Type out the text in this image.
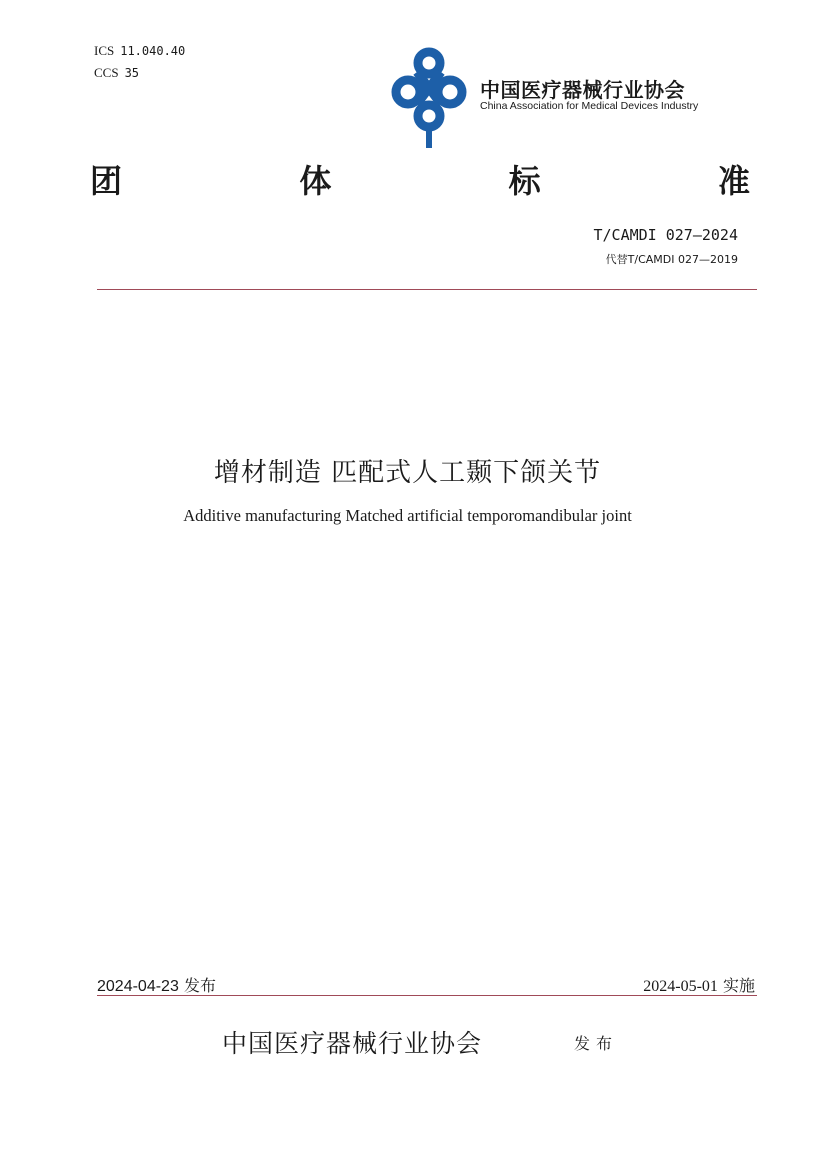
ICS 11.040.40
CCS 35
中国医疗器械行业协会
China Association for Medical Devices Industry
团	体	标	准
T/CAMDI 027—2024
代替T/CAMDI 027—2019
增材制造 匹配式人工颞下颌关节
Additive manufacturing Matched artificial temporomandibular joint
2024-04-23 发布	2024-05-01 实施
中国医疗器械行业协会	发布
